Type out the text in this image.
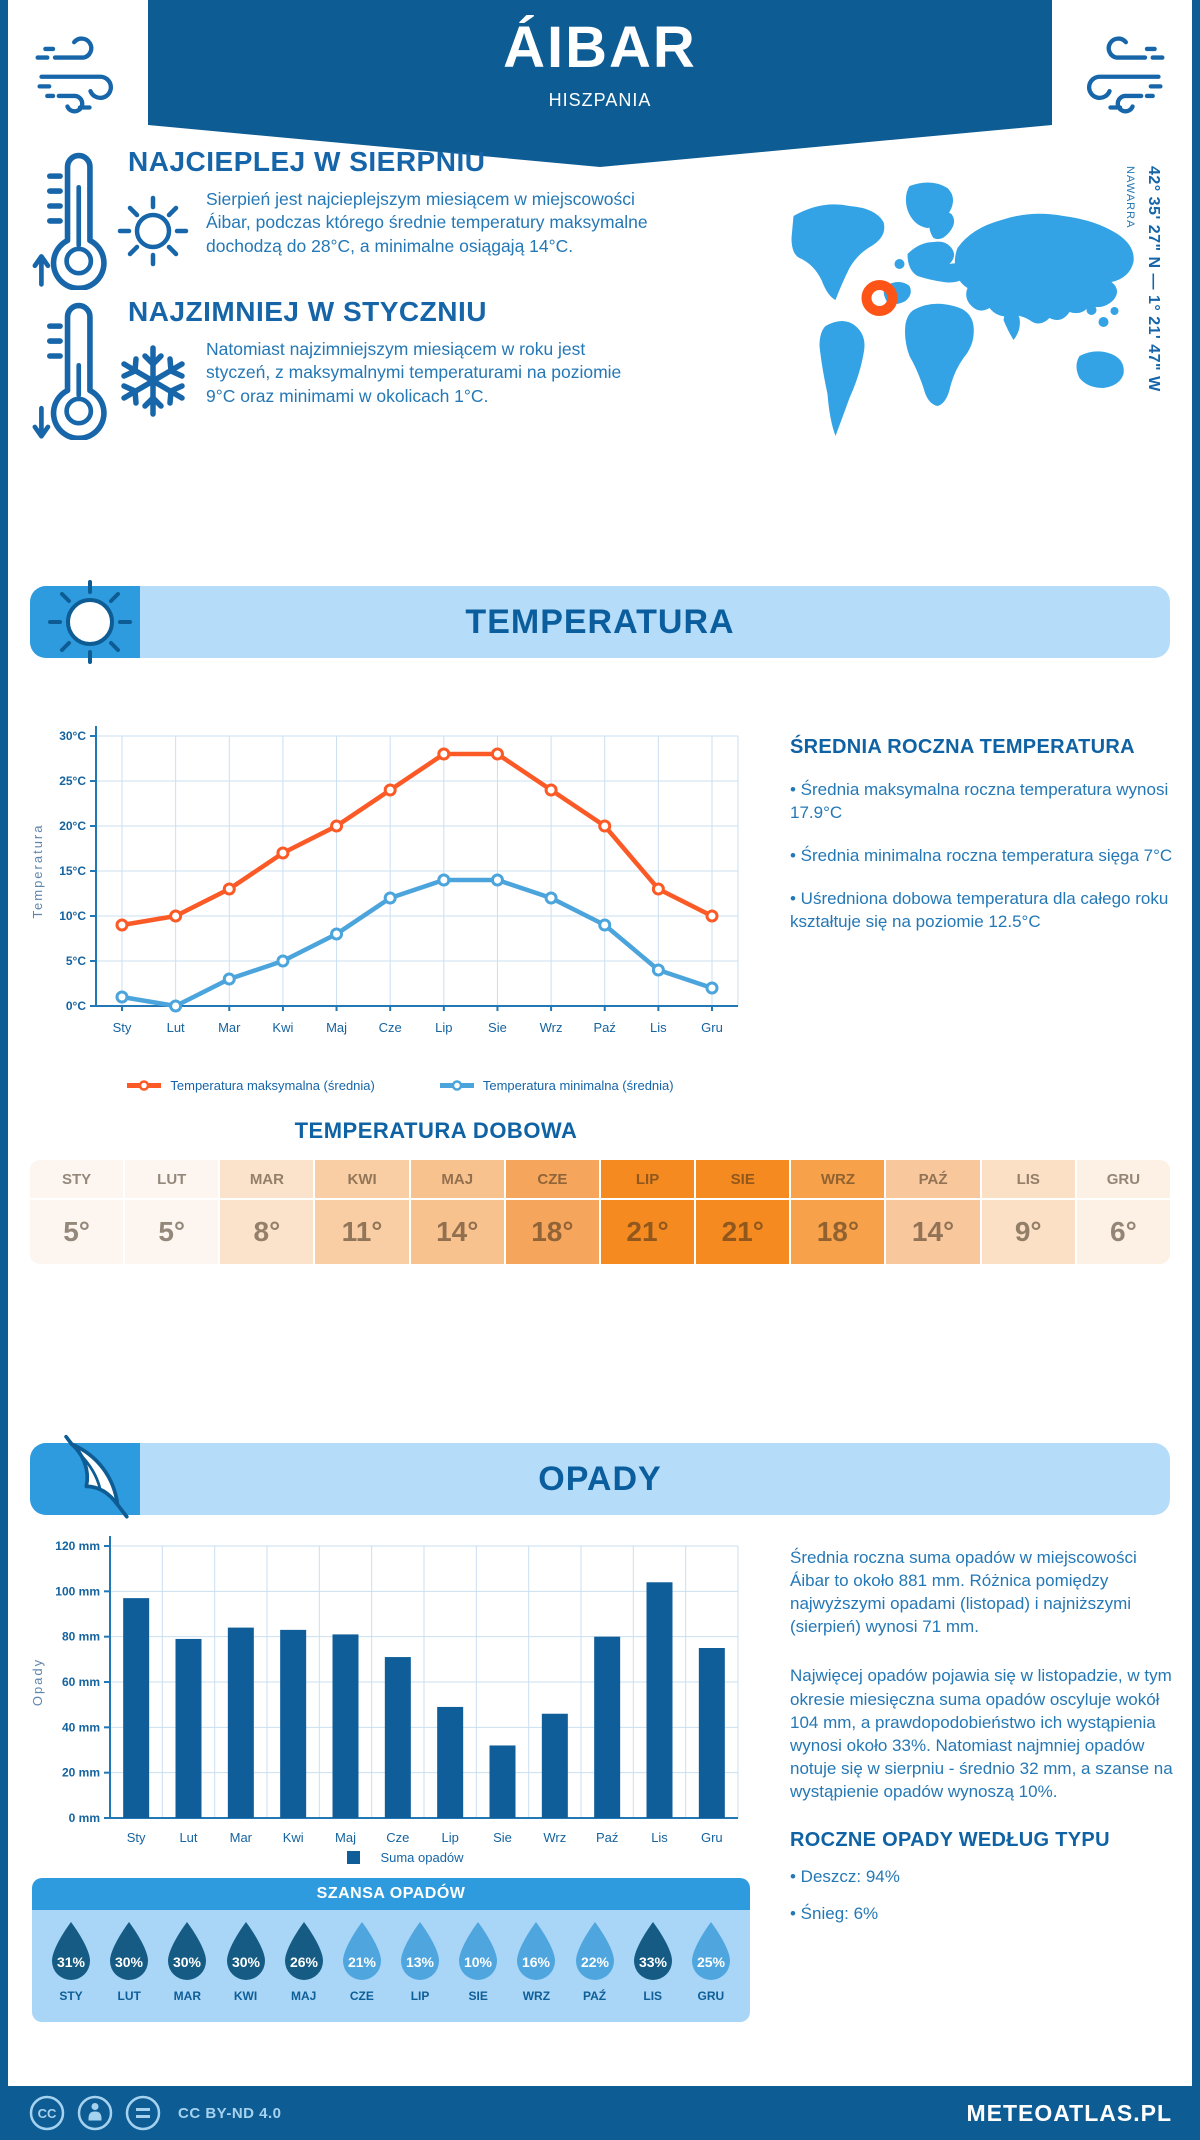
ÁIBAR
HISZPANIA
NAJCIEPLEJ W SIERPNIU

Sierpień jest najcieplejszym miesiącem w miejscowości Áibar, podczas którego średnie temperatury maksymalne dochodzą do 28°C, a minimalne osiągają 14°C.

NAJZIMNIEJ W STYCZNIU

Natomiast najzimniejszym miesiącem w roku jest styczeń, z maksymalnymi temperaturami na poziomie 9°C oraz minimami w okolicach 1°C.

42° 35' 27" N — 1° 21' 47" W
NAWARRA
TEMPERATURA
0°C
5°C
10°C
15°C
20°C
25°C
30°C
Temperatura
Sty	Lut	Mar Kwi	Maj Cze	Lip	Sie	Wrz Paź	Lis	Gru
Temperatura maksymalna (średnia)	Temperatura minimalna (średnia)
ŚREDNIA ROCZNA TEMPERATURA
• Średnia maksymalna roczna temperatura wynosi 17.9°C
• Średnia minimalna roczna temperatura sięga 7°C
• Uśredniona dobowa temperatura dla całego roku kształtuje się na poziomie 12.5°C
TEMPERATURA DOBOWA
STY	LUT	MAR	KWI	MAJ	CZE	LIP	SIE	WRZ	PAŹ	LIS	GRU
5°	5°	8°	11°	14°	18°	21°	21°	18°	14°	9°	6°
OPADY
0 mm
20 mm
40 mm
60 mm
80 mm
100 mm
120 mm
Opady
Sty	Lut Mar Kwi Maj Cze Lip	Sie Wrz Paź	Lis	Gru
Suma opadów

Średnia roczna suma opadów w miejscowości Áibar to około 881 mm. Różnica pomiędzy najwyższymi opadami (listopad) i najniższymi (sierpień) wynosi 71 mm.

Najwięcej opadów pojawia się w listopadzie, w tym okresie miesięczna suma opadów oscyluje wokół 104 mm, a prawdopodobieństwo ich wystąpienia wynosi około 33%. Natomiast najmniej opadów notuje się w sierpniu - średnio 32 mm, a szanse na wystąpienie opadów wynoszą 10%.

ROCZNE OPADY WEDŁUG TYPU
• Deszcz: 94%
• Śnieg: 6%
SZANSA OPADÓW
31%
STY
30%
LUT
30%
MAR
30%
KWI
26%
MAJ
21%
CZE
13%
LIP
10%
SIE
16%
WRZ
22%
PAŹ
33%
LIS
25%
GRU
CC	CC BY-ND 4.0	METEOATLAS.PL
